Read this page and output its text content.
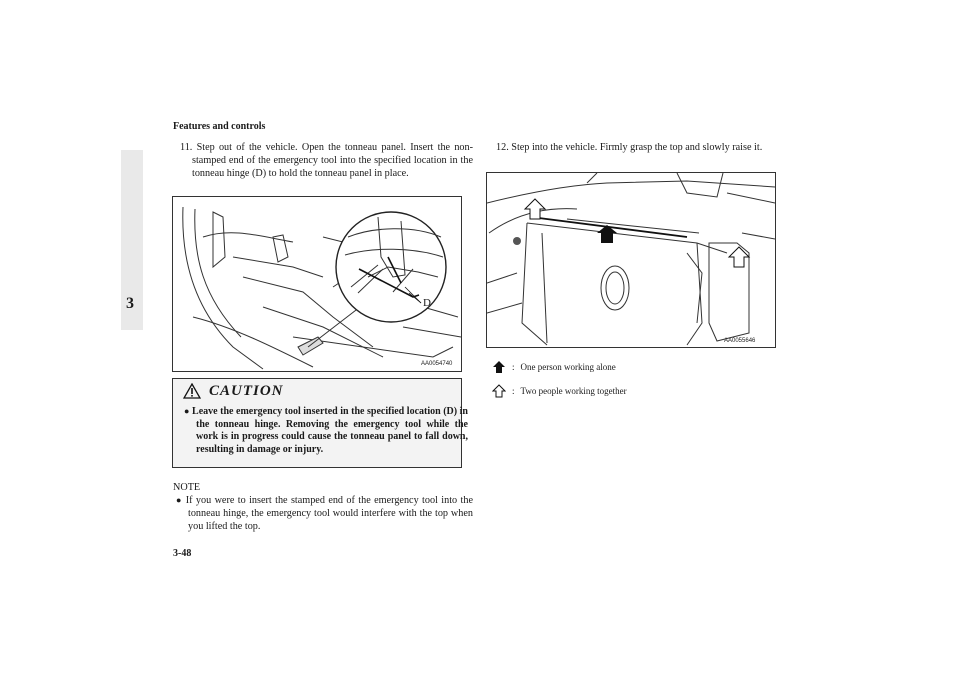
Features and controls
3
11. Step out of the vehicle. Open the tonneau panel. Insert the non-stamped end of the emergency tool into the specified location in the tonneau hinge (D) to hold the tonneau panel in place.
AA0054740
D
CAUTION
● Leave the emergency tool inserted in the specified location (D) in the tonneau hinge. Removing the emergency tool while the work is in progress could cause the tonneau panel to fall down, resulting in damage or injury.
NOTE
● If you were to insert the stamped end of the emergency tool into the tonneau hinge, the emergency tool would interfere with the top when you lifted the top.
12. Step into the vehicle. Firmly grasp the top and slowly raise it.
AA0055646
: One person working alone
: Two people working together
3-48
